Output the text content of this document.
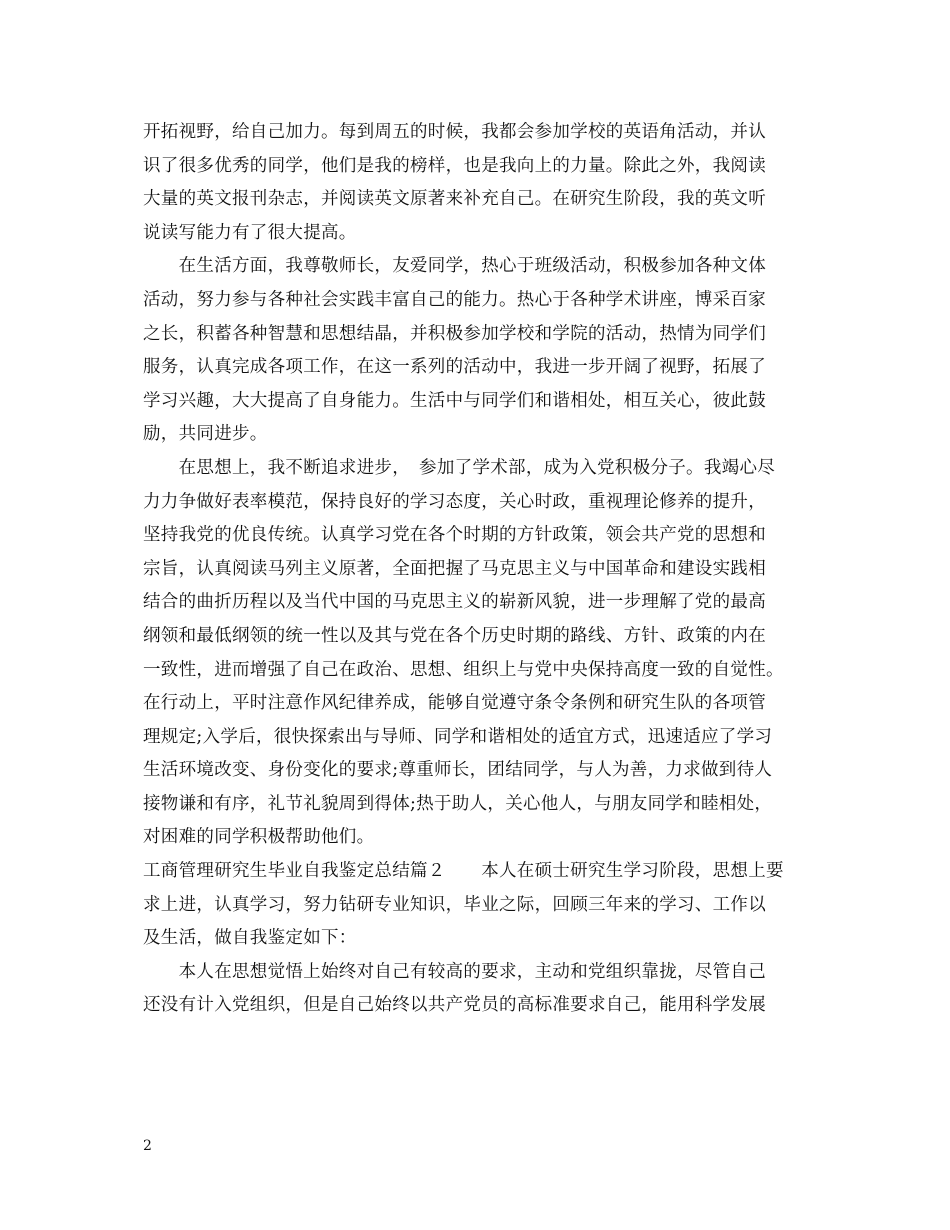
开拓视野，给自己加力。每到周五的时候，我都会参加学校的英语角活动，并认
识了很多优秀的同学，他们是我的榜样，也是我向上的力量。除此之外，我阅读
大量的英文报刊杂志，并阅读英文原著来补充自己。在研究生阶段，我的英文听
说读写能力有了很大提高。
　　在生活方面，我尊敬师长，友爱同学，热心于班级活动，积极参加各种文体
活动，努力参与各种社会实践丰富自己的能力。热心于各种学术讲座，博采百家
之长，积蓄各种智慧和思想结晶，并积极参加学校和学院的活动，热情为同学们
服务，认真完成各项工作，在这一系列的活动中，我进一步开阔了视野，拓展了
学习兴趣，大大提高了自身能力。生活中与同学们和谐相处，相互关心，彼此鼓
励，共同进步。
　　在思想上，我不断追求进步，　参加了学术部，成为入党积极分子。我竭心尽
力力争做好表率模范，保持良好的学习态度，关心时政，重视理论修养的提升，
坚持我党的优良传统。认真学习党在各个时期的方针政策，领会共产党的思想和
宗旨，认真阅读马列主义原著，全面把握了马克思主义与中国革命和建设实践相
结合的曲折历程以及当代中国的马克思主义的崭新风貌，进一步理解了党的最高
纲领和最低纲领的统一性以及其与党在各个历史时期的路线、方针、政策的内在
一致性，进而增强了自己在政治、思想、组织上与党中央保持高度一致的自觉性。
在行动上，平时注意作风纪律养成，能够自觉遵守条令条例和研究生队的各项管
理规定;入学后，很快探索出与导师、同学和谐相处的适宜方式，迅速适应了学习
生活环境改变、身份变化的要求;尊重师长，团结同学，与人为善，力求做到待人
接物谦和有序，礼节礼貌周到得体;热于助人，关心他人，与朋友同学和睦相处，
对困难的同学积极帮助他们。
工商管理研究生毕业自我鉴定总结篇２　　本人在硕士研究生学习阶段，思想上要
求上进，认真学习，努力钻研专业知识，毕业之际，回顾三年来的学习、工作以
及生活，做自我鉴定如下：
　　本人在思想觉悟上始终对自己有较高的要求，主动和党组织靠拢，尽管自己
还没有计入党组织，但是自己始终以共产党员的高标准要求自己，能用科学发展
2
